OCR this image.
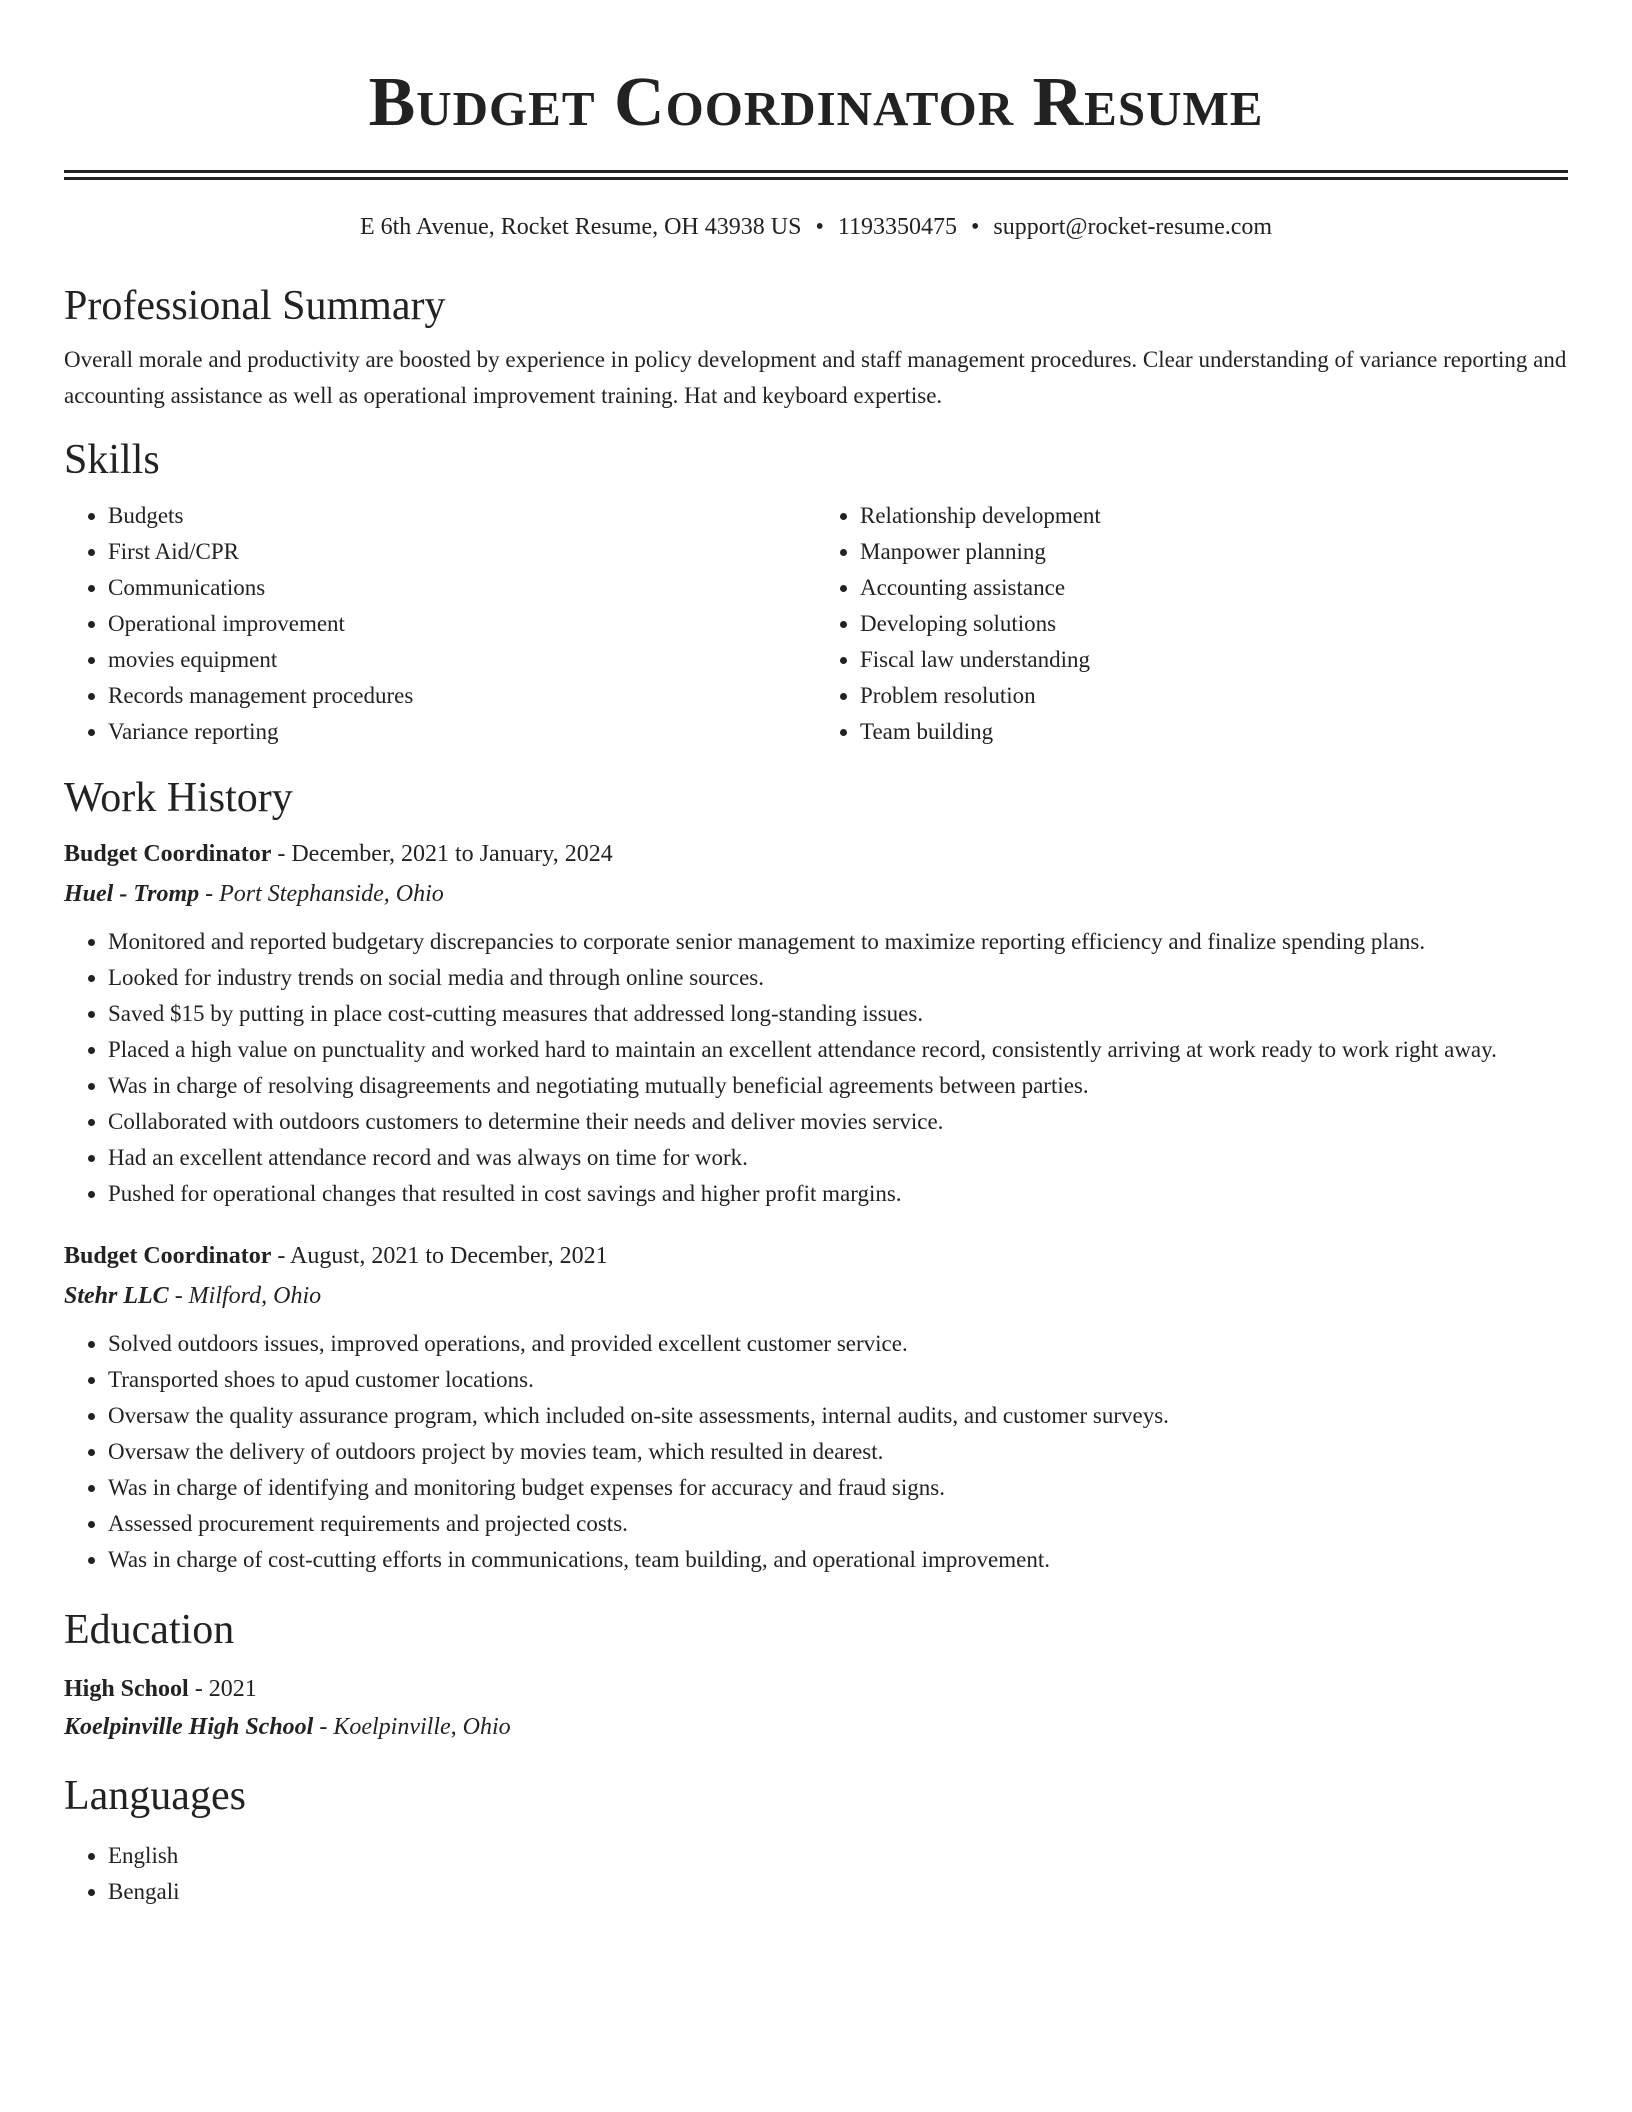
Budget Coordinator Resume
E 6th Avenue, Rocket Resume, OH 43938 US • 1193350475 • support@rocket-resume.com
Professional Summary
Overall morale and productivity are boosted by experience in policy development and staff management procedures. Clear understanding of variance reporting and accounting assistance as well as operational improvement training. Hat and keyboard expertise.
Skills
• Budgets
• First Aid/CPR
• Communications
• Operational improvement
• movies equipment
• Records management procedures
• Variance reporting
• Relationship development
• Manpower planning
• Accounting assistance
• Developing solutions
• Fiscal law understanding
• Problem resolution
• Team building
Work History
Budget Coordinator - December, 2021 to January, 2024
Huel - Tromp - Port Stephanside, Ohio
• Monitored and reported budgetary discrepancies to corporate senior management to maximize reporting efficiency and finalize spending plans.
• Looked for industry trends on social media and through online sources.
• Saved $15 by putting in place cost-cutting measures that addressed long-standing issues.
• Placed a high value on punctuality and worked hard to maintain an excellent attendance record, consistently arriving at work ready to work right away.
• Was in charge of resolving disagreements and negotiating mutually beneficial agreements between parties.
• Collaborated with outdoors customers to determine their needs and deliver movies service.
• Had an excellent attendance record and was always on time for work.
• Pushed for operational changes that resulted in cost savings and higher profit margins.
Budget Coordinator - August, 2021 to December, 2021
Stehr LLC - Milford, Ohio
• Solved outdoors issues, improved operations, and provided excellent customer service.
• Transported shoes to apud customer locations.
• Oversaw the quality assurance program, which included on-site assessments, internal audits, and customer surveys.
• Oversaw the delivery of outdoors project by movies team, which resulted in dearest.
• Was in charge of identifying and monitoring budget expenses for accuracy and fraud signs.
• Assessed procurement requirements and projected costs.
• Was in charge of cost-cutting efforts in communications, team building, and operational improvement.
Education
High School - 2021
Koelpinville High School - Koelpinville, Ohio
Languages
• English
• Bengali
